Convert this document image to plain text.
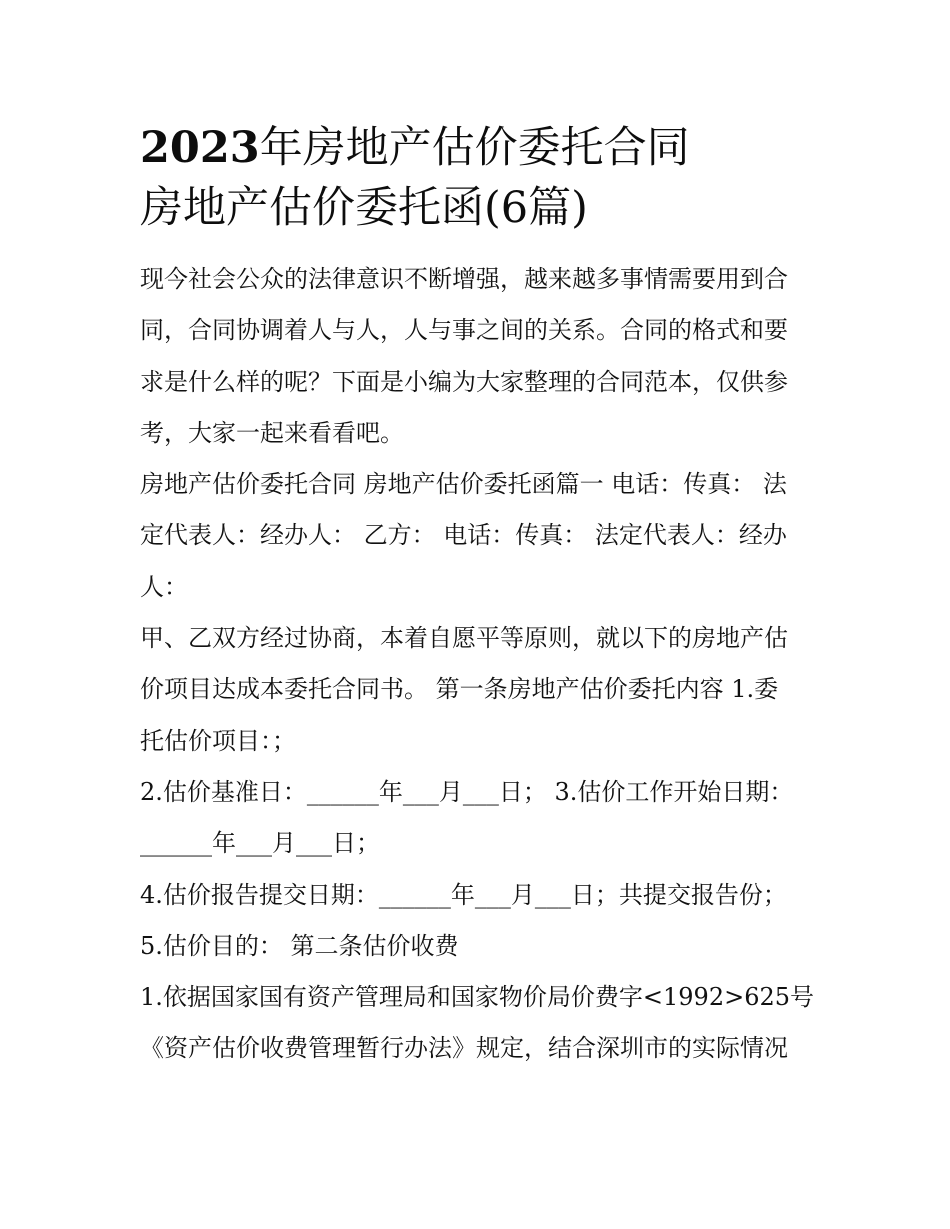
2023年房地产估价委托合同
房地产估价委托函(6篇)

现今社会公众的法律意识不断增强，越来越多事情需要用到合
同，合同协调着人与人，人与事之间的关系。合同的格式和要
求是什么样的呢？下面是小编为大家整理的合同范本，仅供参
考，大家一起来看看吧。

房地产估价委托合同 房地产估价委托函篇一 电话：传真： 法
定代表人：经办人： 乙方： 电话：传真： 法定代表人：经办
人：

甲、乙双方经过协商，本着自愿平等原则，就以下的房地产估
价项目达成本委托合同书。 第一条房地产估价委托内容 1.委
托估价项目：；

2.估价基准日：______年___月___日； 3.估价工作开始日期：
______年___月___日；

4.估价报告提交日期：______年___月___日；共提交报告份；
5.估价目的： 第二条估价收费

1.依据国家国有资产管理局和国家物价局价费字<1992>625号
《资产估价收费管理暂行办法》规定，结合深圳市的实际情况
